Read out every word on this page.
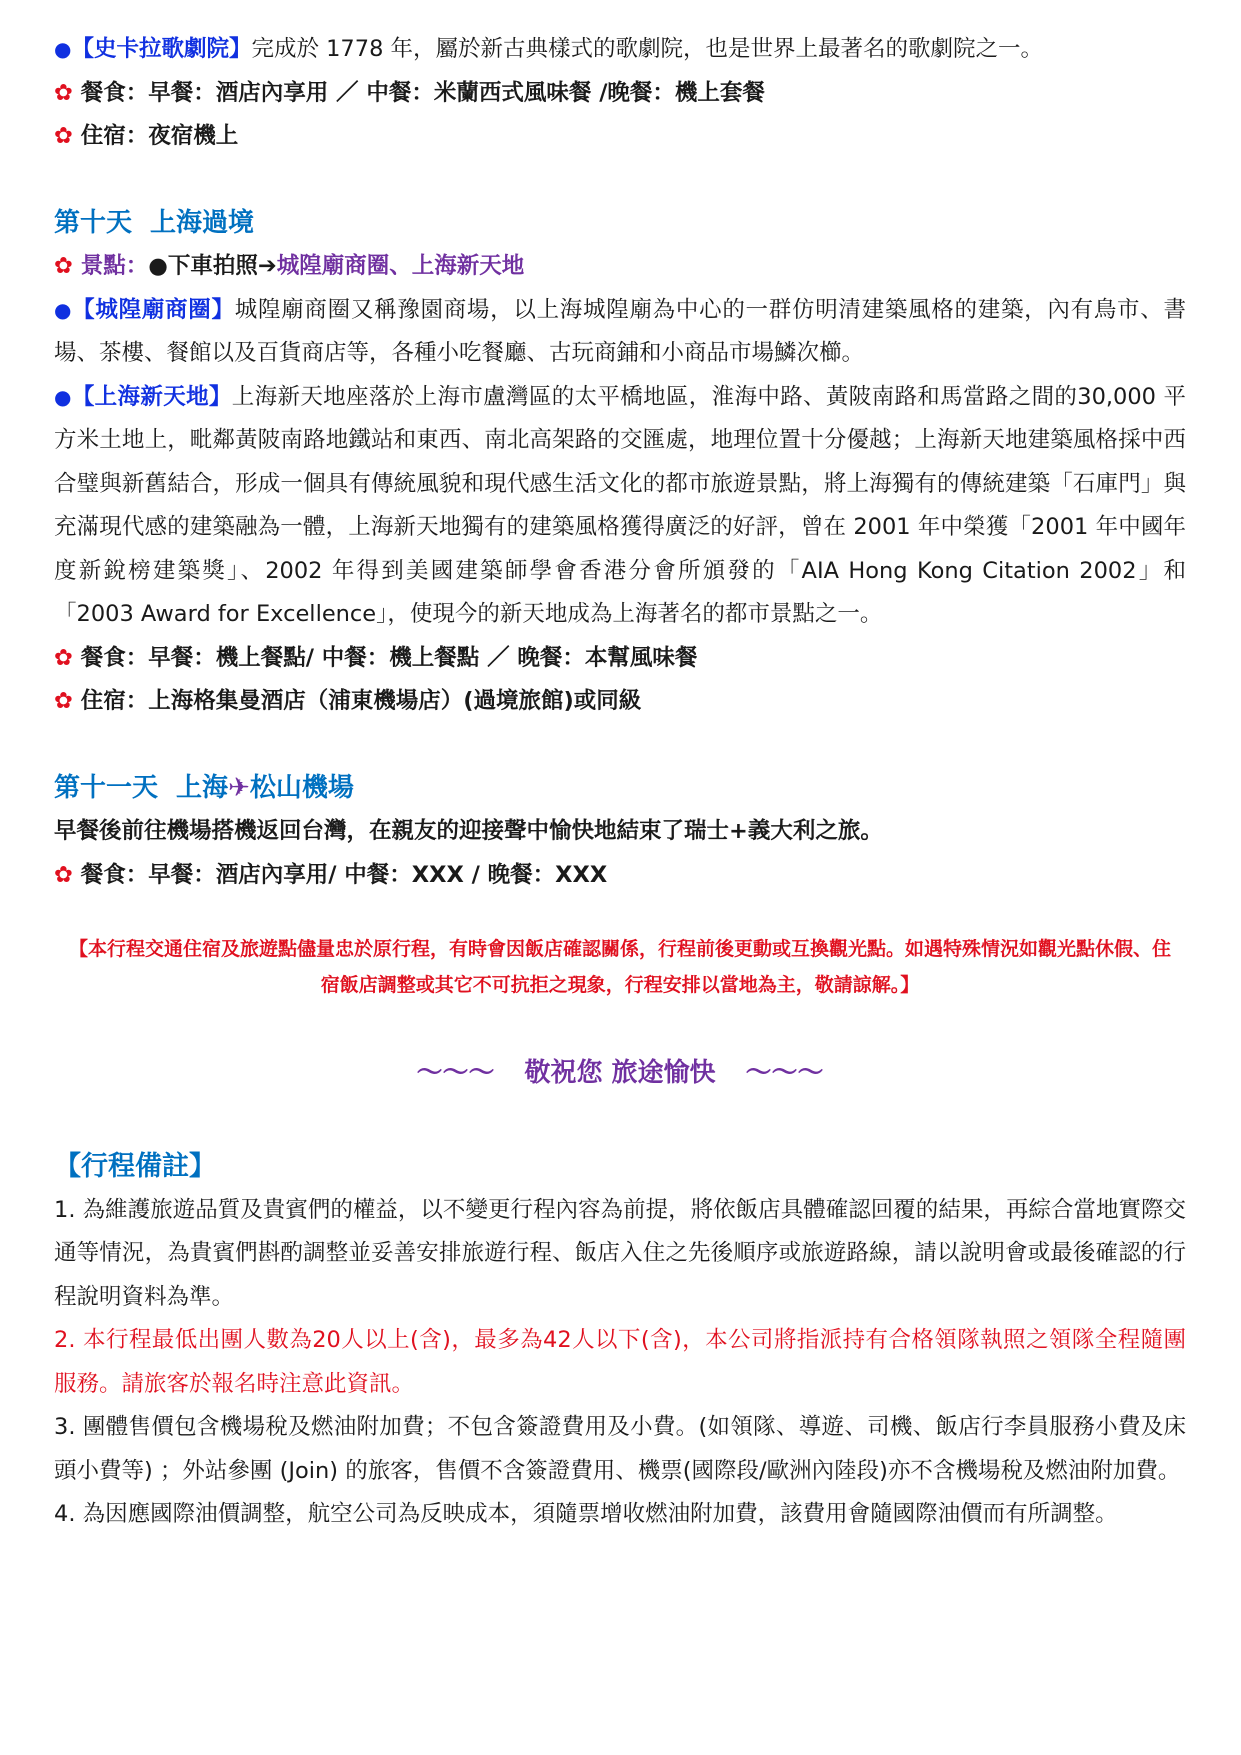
●【史卡拉歌劇院】完成於 1778 年，屬於新古典樣式的歌劇院，也是世界上最著名的歌劇院之一。
✿ 餐食：早餐：酒店內享用 ／ 中餐：米蘭西式風味餐 /晚餐：機上套餐
✿ 住宿：夜宿機上
第十天 上海過境
✿ 景點：●下車拍照➔城隍廟商圈、上海新天地
●【城隍廟商圈】城隍廟商圈又稱豫園商場，以上海城隍廟為中心的一群仿明清建築風格的建築，內有鳥市、書場、茶樓、餐館以及百貨商店等，各種小吃餐廳、古玩商鋪和小商品市場鱗次櫛。
●【上海新天地】上海新天地座落於上海市盧灣區的太平橋地區，淮海中路、黃陂南路和馬當路之間的30,000 平方米土地上，毗鄰黃陂南路地鐵站和東西、南北高架路的交匯處，地理位置十分優越；上海新天地建築風格採中西合璧與新舊結合，形成一個具有傳統風貌和現代感生活文化的都市旅遊景點，將上海獨有的傳統建築「石庫門」與充滿現代感的建築融為一體，上海新天地獨有的建築風格獲得廣泛的好評，曾在 2001 年中榮獲「2001 年中國年度新銳榜建築獎」、2002 年得到美國建築師學會香港分會所頒發的「AIA Hong Kong Citation 2002」和「2003 Award for Excellence」，使現今的新天地成為上海著名的都市景點之一。
✿ 餐食：早餐：機上餐點/ 中餐：機上餐點 ／ 晚餐：本幫風味餐
✿ 住宿：上海格集曼酒店（浦東機場店）(過境旅館)或同級
第十一天 上海✈松山機場
早餐後前往機場搭機返回台灣，在親友的迎接聲中愉快地結束了瑞士+義大利之旅。
✿ 餐食：早餐：酒店內享用/ 中餐：XXX / 晚餐：XXX
【本行程交通住宿及旅遊點儘量忠於原行程，有時會因飯店確認關係，行程前後更動或互換觀光點。如遇特殊情況如觀光點休假、住宿飯店調整或其它不可抗拒之現象，行程安排以當地為主，敬請諒解。】
～～～ 敬祝您 旅途愉快 ～～～
【行程備註】
1. 為維護旅遊品質及貴賓們的權益，以不變更行程內容為前提，將依飯店具體確認回覆的結果，再綜合當地實際交通等情況，為貴賓們斟酌調整並妥善安排旅遊行程、飯店入住之先後順序或旅遊路線，請以說明會或最後確認的行程說明資料為準。
2. 本行程最低出團人數為20人以上(含)，最多為42人以下(含)，本公司將指派持有合格領隊執照之領隊全程隨團服務。請旅客於報名時注意此資訊。
3. 團體售價包含機場稅及燃油附加費；不包含簽證費用及小費。(如領隊、導遊、司機、飯店行李員服務小費及床頭小費等) ；外站參團 (Join) 的旅客，售價不含簽證費用、機票(國際段/歐洲內陸段)亦不含機場稅及燃油附加費。
4. 為因應國際油價調整，航空公司為反映成本，須隨票增收燃油附加費，該費用會隨國際油價而有所調整。
